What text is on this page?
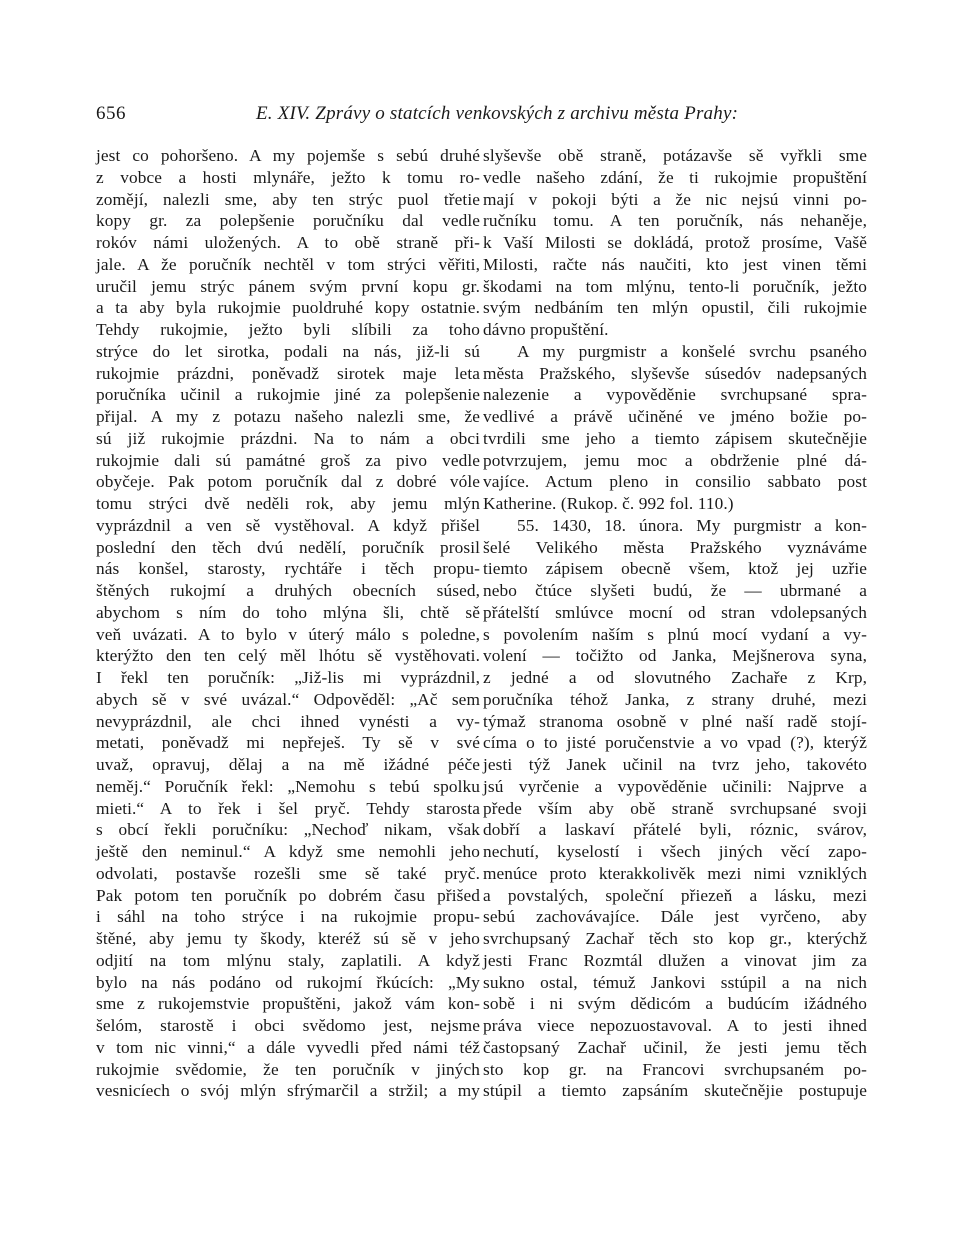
656	E. XIV. Zprávy o statcích venkovských z archivu města Prahy:
jest co pohoršeno. A my pojemše s sebú druhé
z vobce a hosti mlynáře, ježto k tomu ro-
zomějí, nalezli sme, aby ten strýc puol třetie
kopy gr. za polepšenie poručníku dal vedle
rokóv námi uložených. A to obě straně při-
jale. A že poručník nechtěl v tom strýci věřiti,
uručil jemu strýc pánem svým první kopu gr.
a ta aby byla rukojmie puoldruhé kopy ostatnie.
Tehdy rukojmie, ježto byli slíbili za toho
strýce do let sirotka, podali na nás, již-li sú
rukojmie prázdni, poněvadž sirotek maje leta
poručníka učinil a rukojmie jiné za polepšenie
přijal. A my z potazu našeho nalezli sme, že
sú již rukojmie prázdni. Na to nám a obci
rukojmie dali sú památné groš za pivo vedle
obyčeje. Pak potom poručník dal z dobré vóle
tomu strýci dvě neděli rok, aby jemu mlýn
vyprázdnil a ven sě vystěhoval. A když přišel
poslední den těch dvú nedělí, poručník prosil
nás konšel, starosty, rychtáře i těch propu-
štěných rukojmí a druhých obecních súsed,
abychom s ním do toho mlýna šli, chtě sě
veň uvázati. A to bylo v úterý málo s poledne,
kterýžto den ten celý měl lhótu sě vystěhovati.
I řekl ten poručník: „Již-lis mi vyprázdnil,
abych sě v své uvázal.“ Odpověděl: „Ač sem
nevyprázdnil, ale chci ihned vynésti a vy-
metati, poněvadž mi nepřeješ. Ty sě v své
uvaž, opravuj, dělaj a na mě ižádné péče
neměj.“ Poručník řekl: „Nemohu s tebú spolku
mieti.“ A to řek i šel pryč. Tehdy starosta
s obcí řekli poručníku: „Nechoď nikam, však
ještě den neminul.“ A když sme nemohli jeho
odvolati, postavše rozešli sme sě také pryč.
Pak potom ten poručník po dobrém času přišed
i sáhl na toho strýce i na rukojmie propu-
štěné, aby jemu ty škody, kteréž sú sě v jeho
odjití na tom mlýnu staly, zaplatili. A když
bylo na nás podáno od rukojmí řkúcích: „My
sme z rukojemstvie propuštěni, jakož vám kon-
šelóm, starostě i obci svědomo jest, nejsme
v tom nic vinni,“ a dále vyvedli před námi též
rukojmie svědomie, že ten poručník v jiných
vesnicíech o svój mlýn sfrýmarčil a stržil; a my
slyševše obě straně, potázavše sě vyřkli sme
vedle našeho zdání, že ti rukojmie propuštění
mají v pokoji býti a že nic nejsú vinni po-
ručníku tomu. A ten poručník, nás nehaněje,
k Vaší Milosti se dokládá, protož prosíme, Vašě
Milosti, račte nás naučiti, kto jest vinen těmi
škodami na tom mlýnu, tento-li poručník, ježto
svým nedbáním ten mlýn opustil, čili rukojmie
dávno propuštění.
A my purgmistr a konšelé svrchu psaného
města Pražského, slyševše súsedóv nadepsaných
nalezenie a vypověděnie svrchupsané spra-
vedlivé a právě učiněné ve jméno božie po-
tvrdili sme jeho a tiemto zápisem skutečnějie
potvrzujem, jemu moc a obdrženie plné dá-
vajíce. Actum pleno in consilio sabbato post
Katherine. (Rukop. č. 992 fol. 110.)
55. 1430, 18. února. My purgmistr a kon-
šelé Velikého města Pražského vyznáváme
tiemto zápisem obecně všem, ktož jej uzřie
nebo čtúce slyšeti budú, že — ubrmané a
přátelští smlúvce mocní od stran vdolepsaných
s povolením naším s plnú mocí vydaní a vy-
volení — točižto od Janka, Mejšnerova syna,
z jedné a od slovutného Zachaře z Krp,
poručníka téhož Janka, z strany druhé, mezi
týmaž stranoma osobně v plné naší radě stojí-
címa o to jisté poručenstvie a vo vpad (?), kterýž
jesti týž Janek učinil na tvrz jeho, takovéto
jsú vyrčenie a vypověděnie učinili: Najprve a
přede vším aby obě straně svrchupsané svoji
dobří a laskaví přátelé byli, róznic, svárov,
nechutí, kyselostí i všech jiných věcí zapo-
menúce proto kterakkolivěk mezi nimi vzniklých
a povstalých, společní přiezeň a lásku, mezi
sebú zachovávajíce. Dále jest vyrčeno, aby
svrchupsaný Zachař těch sto kop gr., kterýchž
jesti Franc Rozmtál dlužen a vinovat jim za
sukno ostal, témuž Jankovi sstúpil a na nich
sobě i ni svým dědicóm a budúcím ižádného
práva viece nepozuostavoval. A to jesti ihned
častopsaný Zachař učinil, že jesti jemu těch
sto kop gr. na Francovi svrchupsaném po-
stúpil a tiemto zapsáním skutečnějie postupuje
